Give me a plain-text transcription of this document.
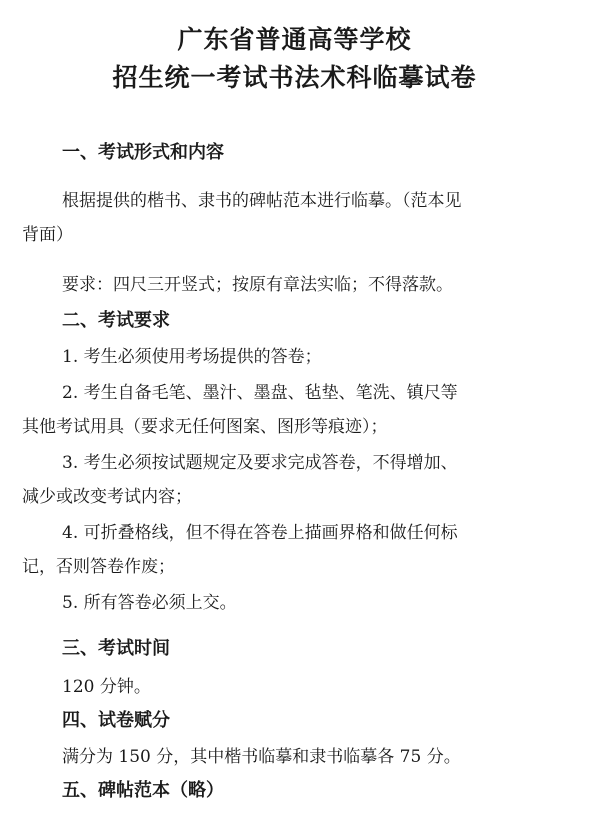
广东省普通高等学校
招生统一考试书法术科临摹试卷
一、考试形式和内容
根据提供的楷书、隶书的碑帖范本进行临摹。（范本见
背面）
要求：四尺三开竖式；按原有章法实临；不得落款。
二、考试要求
1. 考生必须使用考场提供的答卷；
2. 考生自备毛笔、墨汁、墨盘、毡垫、笔洗、镇尺等
其他考试用具（要求无任何图案、图形等痕迹）；
3. 考生必须按试题规定及要求完成答卷，不得增加、
减少或改变考试内容；
4. 可折叠格线，但不得在答卷上描画界格和做任何标
记，否则答卷作废；
5. 所有答卷必须上交。
三、考试时间
120 分钟。
四、试卷赋分
满分为 150 分，其中楷书临摹和隶书临摹各 75 分。
五、碑帖范本（略）
